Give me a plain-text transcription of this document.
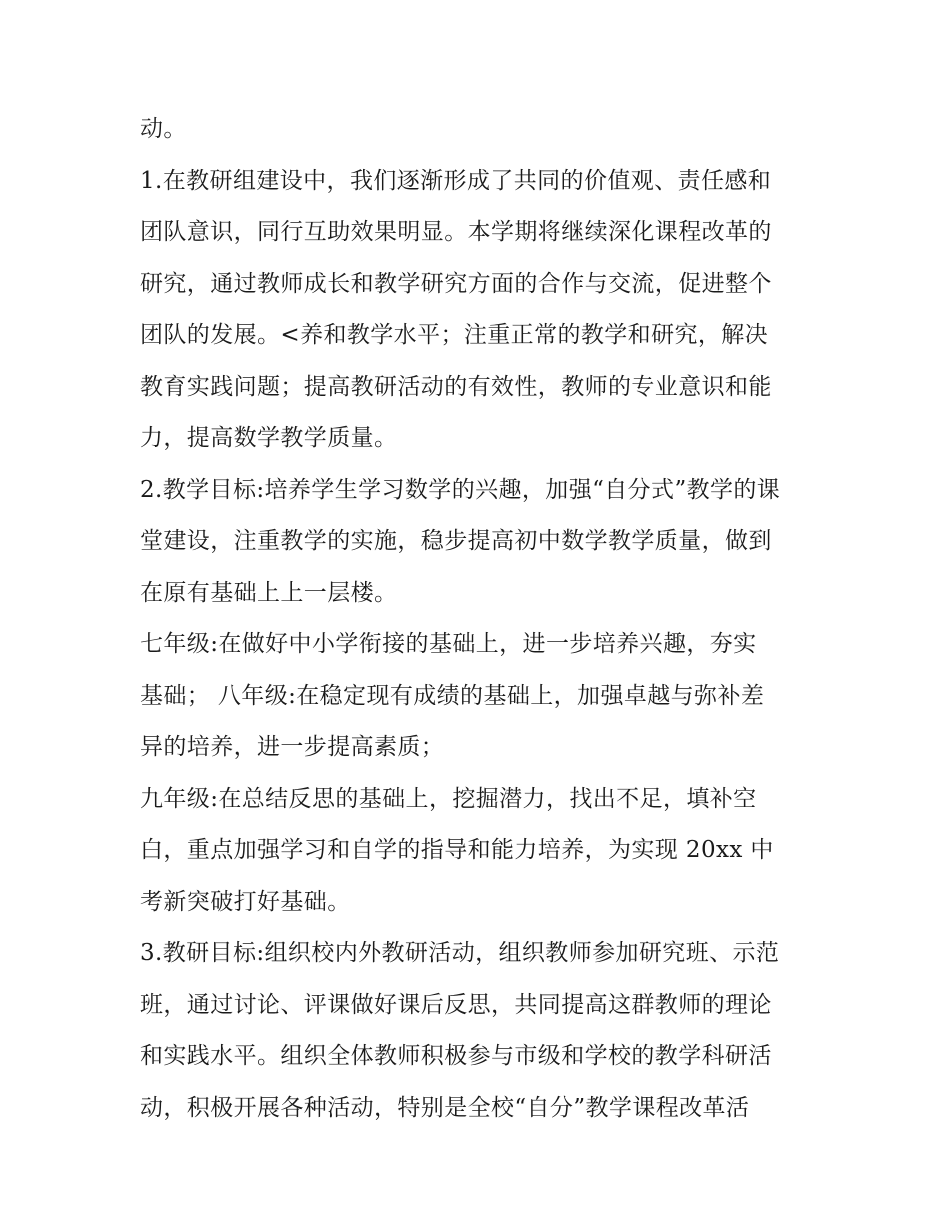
动。
1.在教研组建设中，我们逐渐形成了共同的价值观、责任感和
团队意识，同行互助效果明显。本学期将继续深化课程改革的
研究，通过教师成长和教学研究方面的合作与交流，促进整个
团队的发展。<养和教学水平；注重正常的教学和研究，解决
教育实践问题；提高教研活动的有效性，教师的专业意识和能
力，提高数学教学质量。
2.教学目标:培养学生学习数学的兴趣，加强“自分式”教学的课
堂建设，注重教学的实施，稳步提高初中数学教学质量，做到
在原有基础上上一层楼。
七年级:在做好中小学衔接的基础上，进一步培养兴趣，夯实
基础； 八年级:在稳定现有成绩的基础上，加强卓越与弥补差
异的培养，进一步提高素质；
九年级:在总结反思的基础上，挖掘潜力，找出不足，填补空
白，重点加强学习和自学的指导和能力培养，为实现 20xx 中
考新突破打好基础。
3.教研目标:组织校内外教研活动，组织教师参加研究班、示范
班，通过讨论、评课做好课后反思，共同提高这群教师的理论
和实践水平。组织全体教师积极参与市级和学校的教学科研活
动，积极开展各种活动，特别是全校“自分”教学课程改革活
